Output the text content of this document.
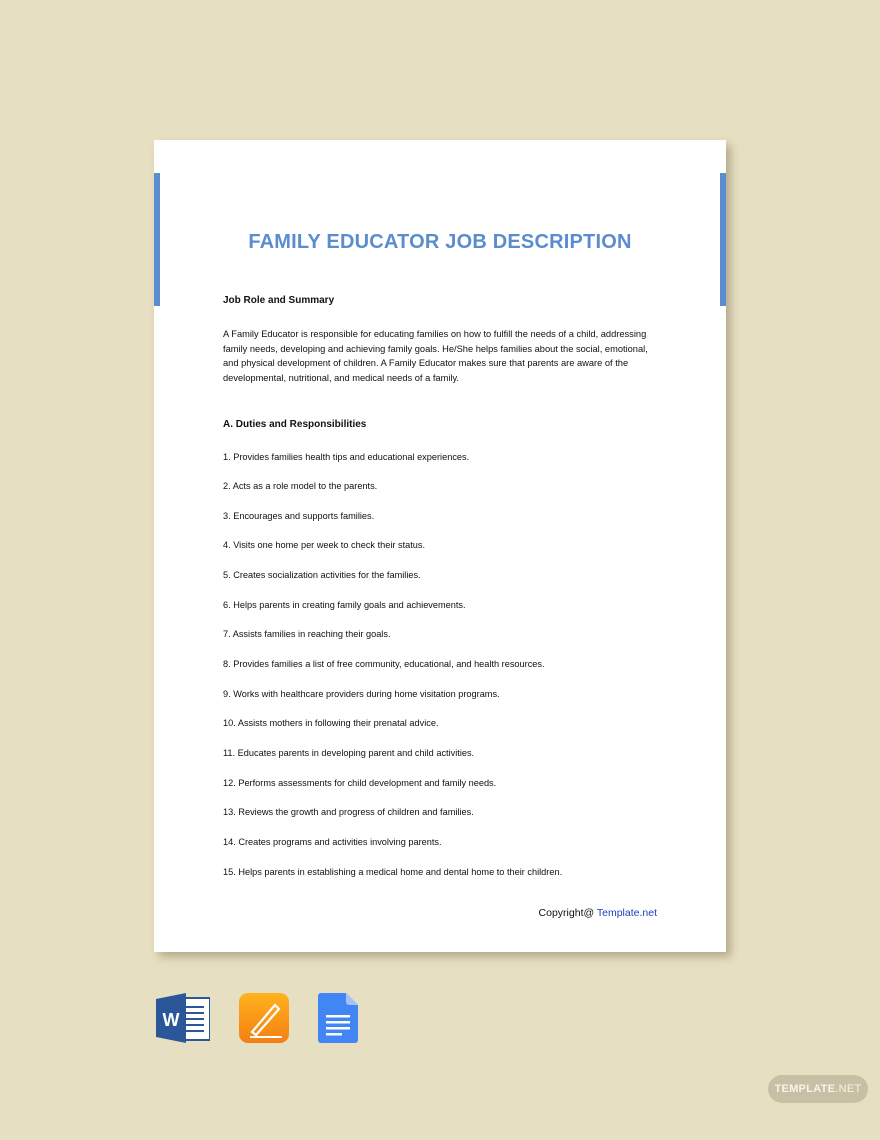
FAMILY EDUCATOR JOB DESCRIPTION
Job Role and Summary
A Family Educator is responsible for educating families on how to fulfill the needs of a child, addressing family needs, developing and achieving family goals. He/She helps families about the social, emotional, and physical development of children. A Family Educator makes sure that parents are aware of the developmental, nutritional, and medical needs of a family.
A. Duties and Responsibilities
1. Provides families health tips and educational experiences.
2. Acts as a role model to the parents.
3. Encourages and supports families.
4. Visits one home per week to check their status.
5. Creates socialization activities for the families.
6. Helps parents in creating family goals and achievements.
7. Assists families in reaching their goals.
8. Provides families a list of free community, educational, and health resources.
9. Works with healthcare providers during home visitation programs.
10. Assists mothers in following their prenatal advice.
11. Educates parents in developing parent and child activities.
12. Performs assessments for child development and family needs.
13. Reviews the growth and progress of children and families.
14. Creates programs and activities involving parents.
15. Helps parents in establishing a medical home and dental home to their children.
Copyright@ Template.net
W
TEMPLATE.NET
